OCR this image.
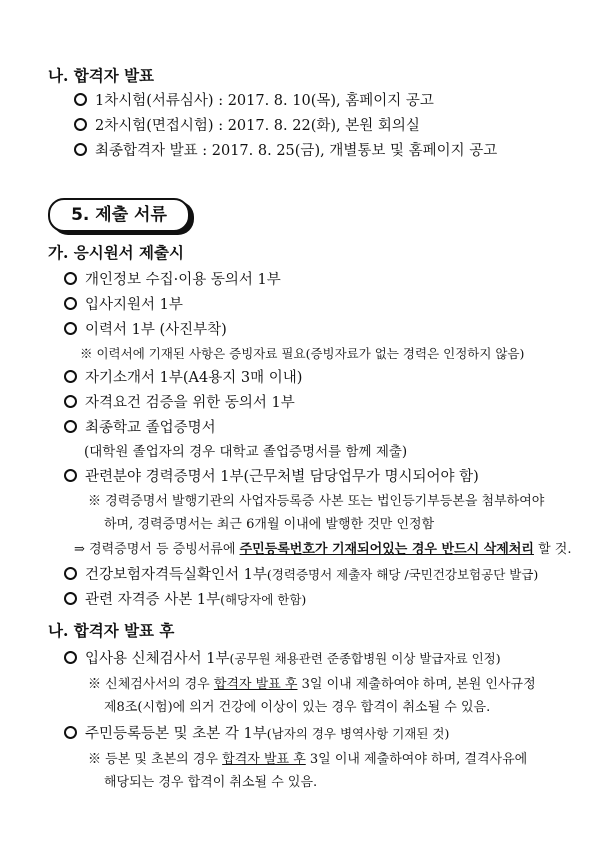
나. 합격자 발표
1차시험(서류심사) : 2017. 8. 10(목), 홈페이지 공고
2차시험(면접시험) : 2017. 8. 22(화), 본원 회의실
최종합격자 발표 : 2017. 8. 25(금), 개별통보 및 홈페이지 공고
5. 제출 서류
가. 응시원서 제출시
개인정보 수집·이용 동의서 1부
입사지원서 1부
이력서 1부 (사진부착)
※ 이력서에 기재된 사항은 증빙자료 필요(증빙자료가 없는 경력은 인정하지 않음)
자기소개서 1부(A4용지 3매 이내)
자격요건 검증을 위한 동의서 1부
최종학교 졸업증명서
(대학원 졸업자의 경우 대학교 졸업증명서를 함께 제출)
관련분야 경력증명서 1부(근무처별 담당업무가 명시되어야 함)
※ 경력증명서 발행기관의 사업자등록증 사본 또는 법인등기부등본을 첨부하여야
하며, 경력증명서는 최근 6개월 이내에 발행한 것만 인정함
⇒ 경력증명서 등 증빙서류에 주민등록번호가 기재되어있는 경우 반드시 삭제처리 할 것.
건강보험자격득실확인서 1부(경력증명서 제출자 해당 /국민건강보험공단 발급)
관련 자격증 사본 1부(해당자에 한함)
나. 합격자 발표 후
입사용 신체검사서 1부(공무원 채용관련 준종합병원 이상 발급자료 인정)
※ 신체검사서의 경우 합격자 발표 후 3일 이내 제출하여야 하며, 본원 인사규정
제8조(시험)에 의거 건강에 이상이 있는 경우 합격이 취소될 수 있음.
주민등록등본 및 초본 각 1부(남자의 경우 병역사항 기재된 것)
※ 등본 및 초본의 경우 합격자 발표 후 3일 이내 제출하여야 하며, 결격사유에
해당되는 경우 합격이 취소될 수 있음.
